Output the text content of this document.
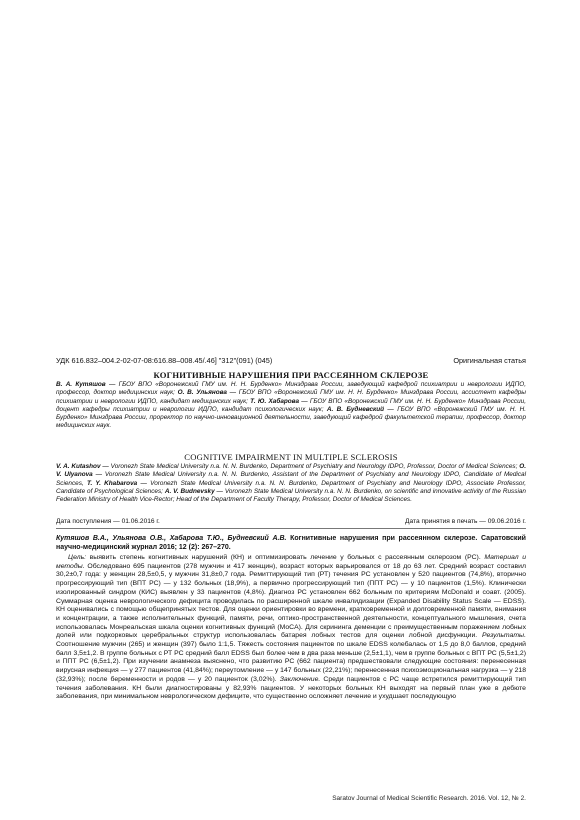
УДК 616.832–004.2-02-07-08:616.88–008.45/.46] "312"(091) (045)	Оригинальная статья
КОГНИТИВНЫЕ НАРУШЕНИЯ ПРИ РАССЕЯННОМ СКЛЕРОЗЕ
В. А. Кутяшов — ГБОУ ВПО «Воронежский ГМУ им. Н. Н. Бурденко» Минздрава России, заведующий кафедрой психиатрии и неврологии ИДПО, профессор, доктор медицинских наук; О. В. Ульянова — ГБОУ ВПО «Воронежский ГМУ им. Н. Н. Бурденко» Минздрава России, ассистент кафедры психиатрии и неврологии ИДПО, кандидат медицинских наук; Т. Ю. Хабарова — ГБОУ ВПО «Воронежский ГМУ им. Н. Н. Бурденко» Минздрава России, доцент кафедры психиатрии и неврологии ИДПО, кандидат психологических наук; А. В. Будневский — ГБОУ ВПО «Воронежский ГМУ им. Н. Н. Бурденко» Минздрава России, проректор по научно-инновационной деятельности, заведующий кафедрой факультетской терапии, профессор, доктор медицинских наук.
COGNITIVE IMPAIRMENT IN MULTIPLE SCLEROSIS
V. A. Kutashov — Voronezh State Medical University n.a. N. N. Burdenko, Department of Psychiatry and Neurology IDPO, Professor, Doctor of Medical Sciences; O. V. Ulyanova — Voronezh State Medical University n.a. N. N. Burdenko, Assistant of the Department of Psychiatry and Neurology IDPO, Candidate of Medical Sciences, T. Y. Khabarova — Voronezh State Medical University n.a. N. N. Burdenko, Department of Psychiatry and Neurology IDPO, Associate Professor, Candidate of Psychological Sciences; A. V. Budnevsky — Voronezh State Medical University n.a. N. N. Burdenko, on scientific and innovative activity of the Russian Federation Ministry of Health Vice-Rector; Head of the Department of Faculty Therapy, Professor, Doctor of Medical Sciences.
Дата поступления — 01.06.2016 г.	Дата принятия в печать — 09.06.2016 г.
Кутяшов В.А., Ульянова О.В., Хабарова Т.Ю., Будневский А.В. Когнитивные нарушения при рассеянном склерозе. Саратовский научно-медицинский журнал 2016; 12 (2): 267–270.

Цель: выявить степень когнитивных нарушений (КН) и оптимизировать лечение у больных с рассеянным склерозом (РС). Материал и методы. Обследовано 695 пациентов (278 мужчин и 417 женщин), возраст которых варьировался от 18 до 63 лет. Средний возраст составил 30,2±0,7 года: у женщин 28,5±0,5, у мужчин 31,8±0,7 года. Ремиттирующий тип (РТ) течения РС установлен у 520 пациентов (74,8%), вторично прогрессирующий тип (ВПТ РС) — у 132 больных (18,9%), а первично прогрессирующий тип (ППТ РС) — у 10 пациентов (1,5%). Клинически изолированный синдром (КИС) выявлен у 33 пациентов (4,8%). Диагноз РС установлен 662 больным по критериям McDonald и соавт. (2005). Суммарная оценка неврологического дефицита проводилась по расширенной шкале инвалидизации (Expanded Disability Status Scale — EDSS). КН оценивались с помощью общепринятых тестов. Для оценки ориентировки во времени, кратковременной и долговременной памяти, внимания и концентрации, а также исполнительных функций, памяти, речи, оптико-пространственной деятельности, концептуального мышления, счета использовалась Монреальская шкала оценки когнитивных функций (MoCA). Для скрининга деменции с преимущественным поражением лобных долей или подкорковых церебральных структур использовалась батарея лобных тестов для оценки лобной дисфункции. Результаты. Соотношение мужчин (265) и женщин (397) было 1:1,5. Тяжесть состояния пациентов по шкале EDSS колебалась от 1,5 до 8,0 баллов, средний балл 3,5±1,2. В группе больных с РТ РС средний балл EDSS был более чем в два раза меньше (2,5±1,1), чем в группе больных с ВПТ РС (5,5±1,2) и ППТ РС (6,5±1,2). При изучении анамнеза выяснено, что развитию РС (662 пациента) предшествовали следующие состояния: перенесенная вирусная инфекция — у 277 пациентов (41,84%); переутомление — у 147 больных (22,21%); перенесенная психоэмоциональная нагрузка — у 218 (32,93%); после беременности и родов — у 20 пациенток (3,02%). Заключение. Среди пациентов с РС чаще встретился ремиттирующий тип течения заболевания. КН были диагностированы у 82,93% пациентов. У некоторых больных КН выходят на первый план уже в дебюте заболевания, при минимальном неврологическом дефиците, что существенно осложняет лечение и ухудшает последующую

Saratov Journal of Medical Scientific Research. 2016. Vol. 12, № 2.
